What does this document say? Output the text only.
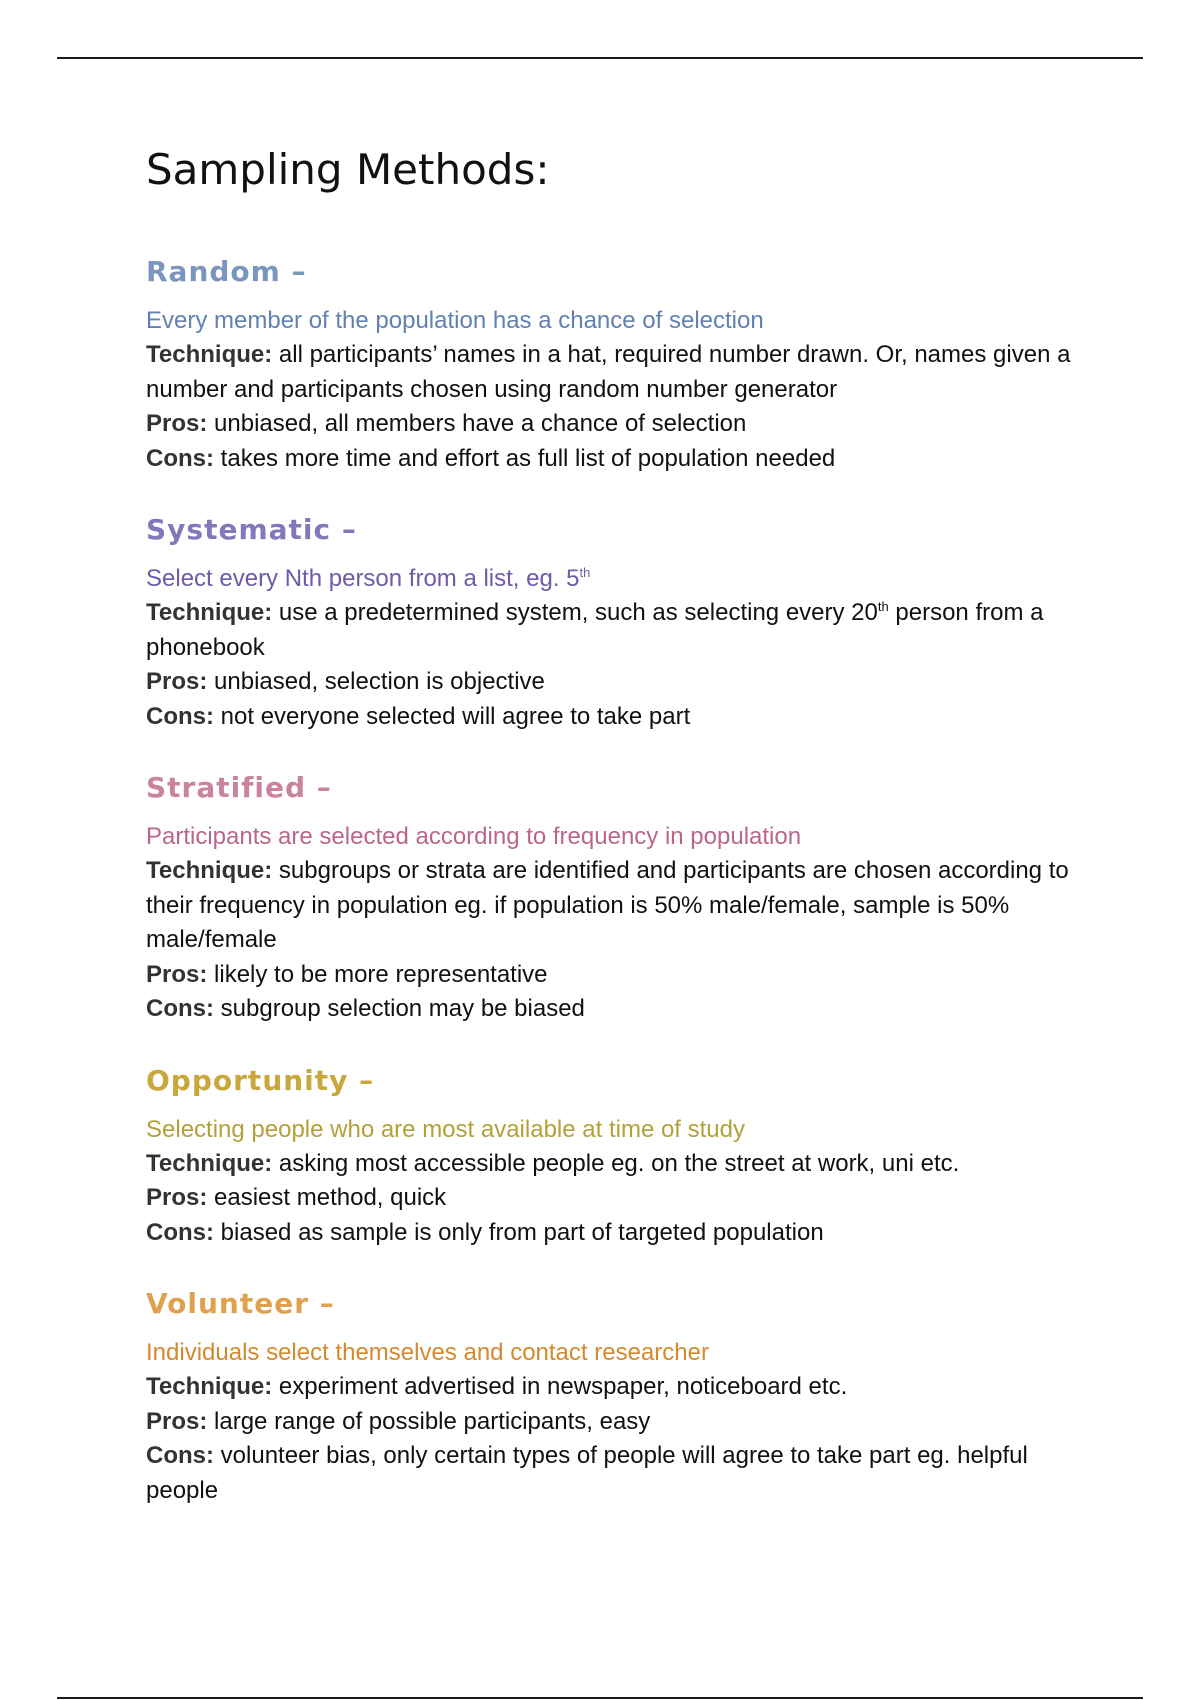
Sampling Methods:
Random –

Every member of the population has a chance of selection

Technique: all participants’ names in a hat, required number drawn. Or, names given a number and participants chosen using random number generator

Pros: unbiased, all members have a chance of selection

Cons: takes more time and effort as full list of population needed

Systematic –

Select every Nth person from a list, eg. 5th

Technique: use a predetermined system, such as selecting every 20th person from a phonebook

Pros: unbiased, selection is objective

Cons: not everyone selected will agree to take part

Stratified –

Participants are selected according to frequency in population

Technique: subgroups or strata are identified and participants are chosen according to their frequency in population eg. if population is 50% male/female, sample is 50% male/female

Pros: likely to be more representative

Cons: subgroup selection may be biased

Opportunity –

Selecting people who are most available at time of study

Technique: asking most accessible people eg. on the street at work, uni etc.

Pros: easiest method, quick

Cons: biased as sample is only from part of targeted population

Volunteer –

Individuals select themselves and contact researcher

Technique: experiment advertised in newspaper, noticeboard etc.

Pros: large range of possible participants, easy

Cons: volunteer bias, only certain types of people will agree to take part eg. helpful people
